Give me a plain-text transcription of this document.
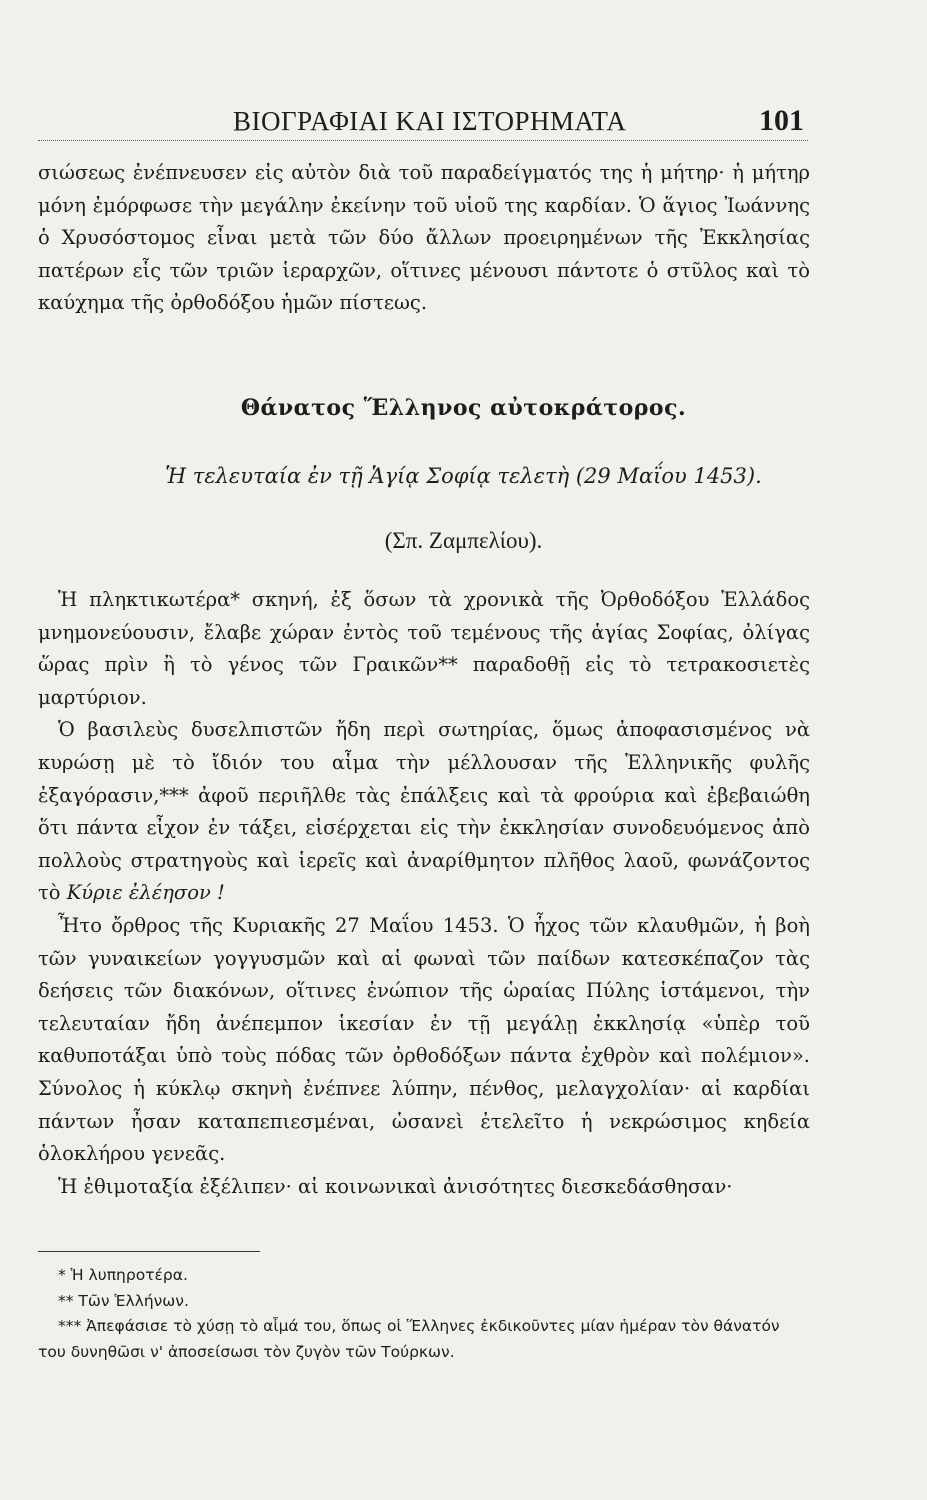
ΒΙΟΓΡΑΦΙΑΙ ΚΑΙ ΙΣΤΟΡΗΜΑΤΑ	101

σιώσεως ἐνέπνευσεν εἰς αὐτὸν διὰ τοῦ παραδείγματός της ἡ μήτηρ· ἡ μήτηρ μόνη ἐμόρφωσε τὴν μεγάλην ἐκείνην τοῦ υἱοῦ της καρδίαν. Ὁ ἅγιος Ἰωάννης ὁ Χρυσόστομος εἶναι μετὰ τῶν δύο ἄλλων προειρημένων τῆς Ἐκκλησίας πατέρων εἷς τῶν τριῶν ἱεραρχῶν, οἵτινες μένουσι πάντοτε ὁ στῦλος καὶ τὸ καύχημα τῆς ὀρθοδόξου ἡμῶν πίστεως.

Θάνατος Ἕλληνος αὐτοκράτορος.
Ἡ τελευταία ἐν τῇ Ἁγίᾳ Σοφίᾳ τελετὴ (29 Μαΐου 1453).
(Σπ. Ζαμπελίου).

Ἡ πληκτικωτέρα* σκηνή, ἐξ ὅσων τὰ χρονικὰ τῆς Ὀρθοδόξου Ἑλλάδος μνημονεύουσιν, ἔλαβε χώραν ἐντὸς τοῦ τεμένους τῆς ἁγίας Σοφίας, ὀλίγας ὥρας πρὶν ἢ τὸ γένος τῶν Γραικῶν** παραδοθῇ εἰς τὸ τετρακοσιετὲς μαρτύριον.

Ὁ βασιλεὺς δυσελπιστῶν ἤδη περὶ σωτηρίας, ὅμως ἀποφασισμένος νὰ κυρώσῃ μὲ τὸ ἴδιόν του αἷμα τὴν μέλλουσαν τῆς Ἑλληνικῆς φυλῆς ἐξαγόρασιν,*** ἀφοῦ περιῆλθε τὰς ἐπάλξεις καὶ τὰ φρούρια καὶ ἐβεβαιώθη ὅτι πάντα εἶχον ἐν τάξει, εἰσέρχεται εἰς τὴν ἐκκλησίαν συνοδευόμενος ἀπὸ πολλοὺς στρατηγοὺς καὶ ἱερεῖς καὶ ἀναρίθμητον πλῆθος λαοῦ, φωνάζοντος τὸ Κύριε ἐλέησον !

Ἦτο ὄρθρος τῆς Κυριακῆς 27 Μαΐου 1453. Ὁ ἦχος τῶν κλαυθμῶν, ἡ βοὴ τῶν γυναικείων γογγυσμῶν καὶ αἱ φωναὶ τῶν παίδων κατεσκέπαζον τὰς δεήσεις τῶν διακόνων, οἵτινες ἐνώπιον τῆς ὡραίας Πύλης ἱστάμενοι, τὴν τελευταίαν ἤδη ἀνέπεμπον ἱκεσίαν ἐν τῇ μεγάλῃ ἐκκλησίᾳ «ὑπὲρ τοῦ καθυποτάξαι ὑπὸ τοὺς πόδας τῶν ὀρθοδόξων πάντα ἐχθρὸν καὶ πολέμιον». Σύνολος ἡ κύκλῳ σκηνὴ ἐνέπνεε λύπην, πένθος, μελαγχολίαν· αἱ καρδίαι πάντων ἦσαν καταπεπιεσμέναι, ὡσανεὶ ἐτελεῖτο ἡ νεκρώσιμος κηδεία ὁλοκλήρου γενεᾶς.

Ἡ ἐθιμοταξία ἐξέλιπεν· αἱ κοινωνικαὶ ἀνισότητες διεσκεδάσθησαν·

* Ἡ λυπηροτέρα.

** Τῶν Ἑλλήνων.

*** Ἀπεφάσισε τὸ χύσῃ τὸ αἷμά του, ὅπως οἱ Ἕλληνες ἐκδικοῦντες μίαν ἡμέραν τὸν θάνατόν του δυνηθῶσι ν' ἀποσείσωσι τὸν ζυγὸν τῶν Τούρκων.
